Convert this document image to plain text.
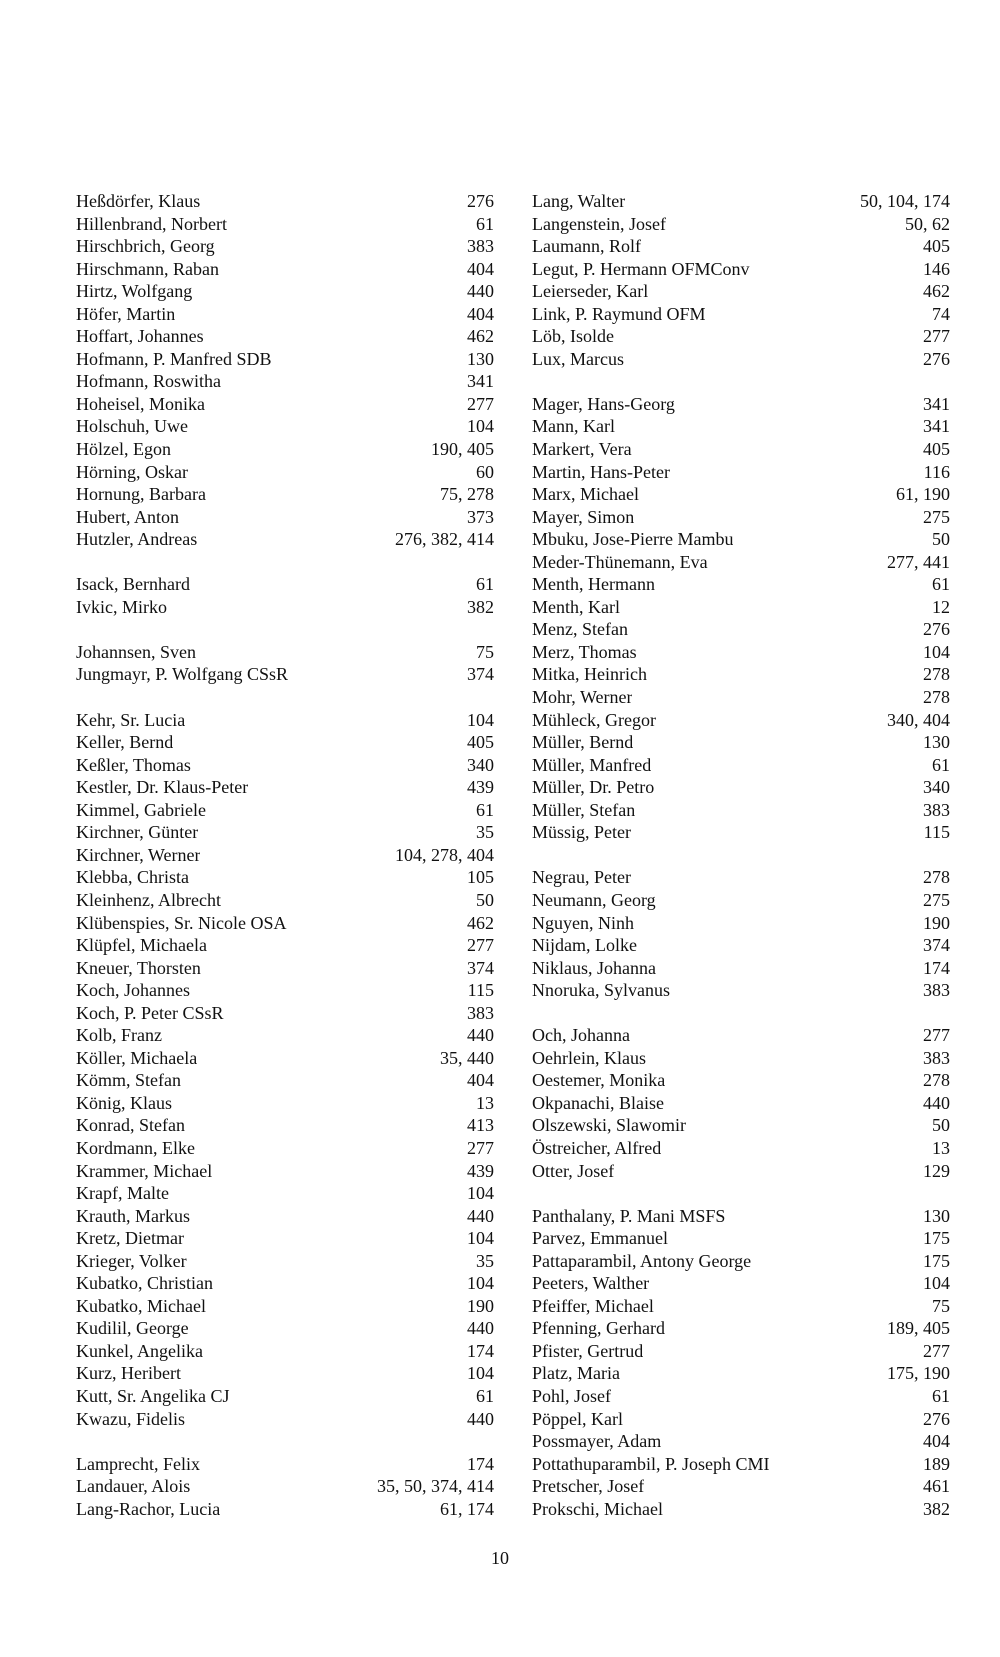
Heßdörfer, Klaus	276
Hillenbrand, Norbert	61
Hirschbrich, Georg	383
Hirschmann, Raban	404
Hirtz, Wolfgang	440
Höfer, Martin	404
Hoffart, Johannes	462
Hofmann, P. Manfred SDB	130
Hofmann, Roswitha	341
Hoheisel, Monika	277
Holschuh, Uwe	104
Hölzel, Egon	190, 405
Hörning, Oskar	60
Hornung, Barbara	75, 278
Hubert, Anton	373
Hutzler, Andreas	276, 382, 414
Isack, Bernhard	61
Ivkic, Mirko	382
Johannsen, Sven	75
Jungmayr, P. Wolfgang CSsR	374
Kehr, Sr. Lucia	104
Keller, Bernd	405
Keßler, Thomas	340
Kestler, Dr. Klaus-Peter	439
Kimmel, Gabriele	61
Kirchner, Günter	35
Kirchner, Werner	104, 278, 404
Klebba, Christa	105
Kleinhenz, Albrecht	50
Klübenspies, Sr. Nicole OSA	462
Klüpfel, Michaela	277
Kneuer, Thorsten	374
Koch, Johannes	115
Koch, P. Peter CSsR	383
Kolb, Franz	440
Köller, Michaela	35, 440
Kömm, Stefan	404
König, Klaus	13
Konrad, Stefan	413
Kordmann, Elke	277
Krammer, Michael	439
Krapf, Malte	104
Krauth, Markus	440
Kretz, Dietmar	104
Krieger, Volker	35
Kubatko, Christian	104
Kubatko, Michael	190
Kudilil, George	440
Kunkel, Angelika	174
Kurz, Heribert	104
Kutt, Sr. Angelika CJ	61
Kwazu, Fidelis	440
Lamprecht, Felix	174
Landauer, Alois	35, 50, 374, 414
Lang-Rachor, Lucia	61, 174
Lang, Walter	50, 104, 174
Langenstein, Josef	50, 62
Laumann, Rolf	405
Legut, P. Hermann OFMConv	146
Leierseder, Karl	462
Link, P. Raymund OFM	74
Löb, Isolde	277
Lux, Marcus	276
Mager, Hans-Georg	341
Mann, Karl	341
Markert, Vera	405
Martin, Hans-Peter	116
Marx, Michael	61, 190
Mayer, Simon	275
Mbuku, Jose-Pierre Mambu	50
Meder-Thünemann, Eva	277, 441
Menth, Hermann	61
Menth, Karl	12
Menz, Stefan	276
Merz, Thomas	104
Mitka, Heinrich	278
Mohr, Werner	278
Mühleck, Gregor	340, 404
Müller, Bernd	130
Müller, Manfred	61
Müller, Dr. Petro	340
Müller, Stefan	383
Müssig, Peter	115
Negrau, Peter	278
Neumann, Georg	275
Nguyen, Ninh	190
Nijdam, Lolke	374
Niklaus, Johanna	174
Nnoruka, Sylvanus	383
Och, Johanna	277
Oehrlein, Klaus	383
Oestemer, Monika	278
Okpanachi, Blaise	440
Olszewski, Slawomir	50
Östreicher, Alfred	13
Otter, Josef	129
Panthalany, P. Mani MSFS	130
Parvez, Emmanuel	175
Pattaparambil, Antony George	175
Peeters, Walther	104
Pfeiffer, Michael	75
Pfenning, Gerhard	189, 405
Pfister, Gertrud	277
Platz, Maria	175, 190
Pohl, Josef	61
Pöppel, Karl	276
Possmayer, Adam	404
Pottathuparambil, P. Joseph CMI	189
Pretscher, Josef	461
Prokschi, Michael	382
10
